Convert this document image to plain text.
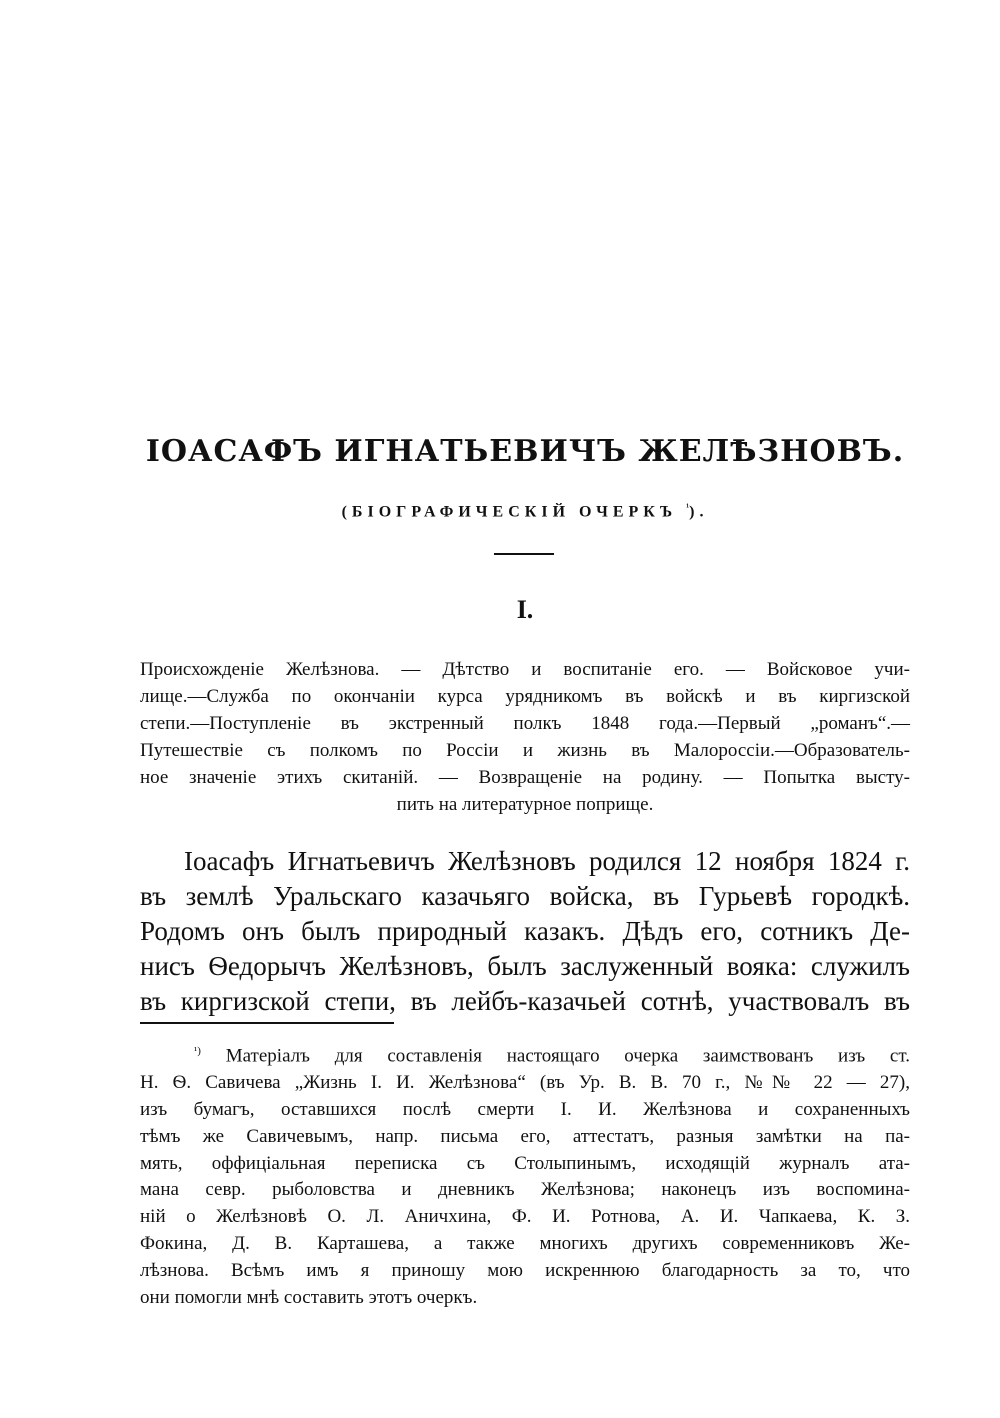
ІОАСАФЪ ИГНАТЬЕВИЧЪ ЖЕЛѢЗНОВЪ.
(БІОГРАФИЧЕСКІЙ ОЧЕРКЪ $^{^1}$).
I.
Происхожденіе Желѣзнова. — Дѣтство и воспитаніе его. — Войсковое учи-
лище.—Служба по окончаніи курса урядникомъ въ войскѣ и въ киргизской
степи.—Поступленіе въ экстренный полкъ 1848 года.—Первый „романъ“.—
Путешествіе съ полкомъ по Россіи и жизнь въ Малороссіи.—Образователь-
ное значеніе этихъ скитаній. — Возвращеніе на родину. — Попытка высту-
пить на литературное поприще.
Іоасафъ Игнатьевичъ Желѣзновъ родился 12 ноября 1824 г.
въ землѣ Уральскаго казачьяго войска, въ Гурьевѣ городкѣ.
Родомъ онъ былъ природный казакъ. Дѣдъ его, сотникъ Де-
нисъ Ѳедорычъ Желѣзновъ, былъ заслуженный воякa: служилъ
въ киргизской степи, въ лейбъ-казачьей сотнѣ, участвовалъ въ
$^{^1)}$ Матеріалъ для составленія настоящаго очерка заимствованъ изъ ст.
Н. Ѳ. Савичева „Жизнь І. И. Желѣзнова“ (въ Ур. В. В. 70 г., №№ 22 — 27),
изъ бумагъ, оставшихся послѣ смерти І. И. Желѣзнова и сохраненныхъ
тѣмъ же Савичевымъ, напр. письма его, аттестатъ, разныя замѣтки на па-
мять, оффиціальная переписка съ Столыпинымъ, исходящій журналъ ата-
мана севр. рыболовства и дневникъ Желѣзнова; наконецъ изъ воспомина-
ній о Желѣзновѣ О. Л. Аничхина, Ф. И. Ротнова, А. И. Чапкаева, К. З.
Фокина, Д. В. Карташева, а также многихъ другихъ современниковъ Же-
лѣзнова. Всѣмъ имъ я приношу мою искреннюю благодарность за то, что
они помогли мнѣ составить этотъ очеркъ.
